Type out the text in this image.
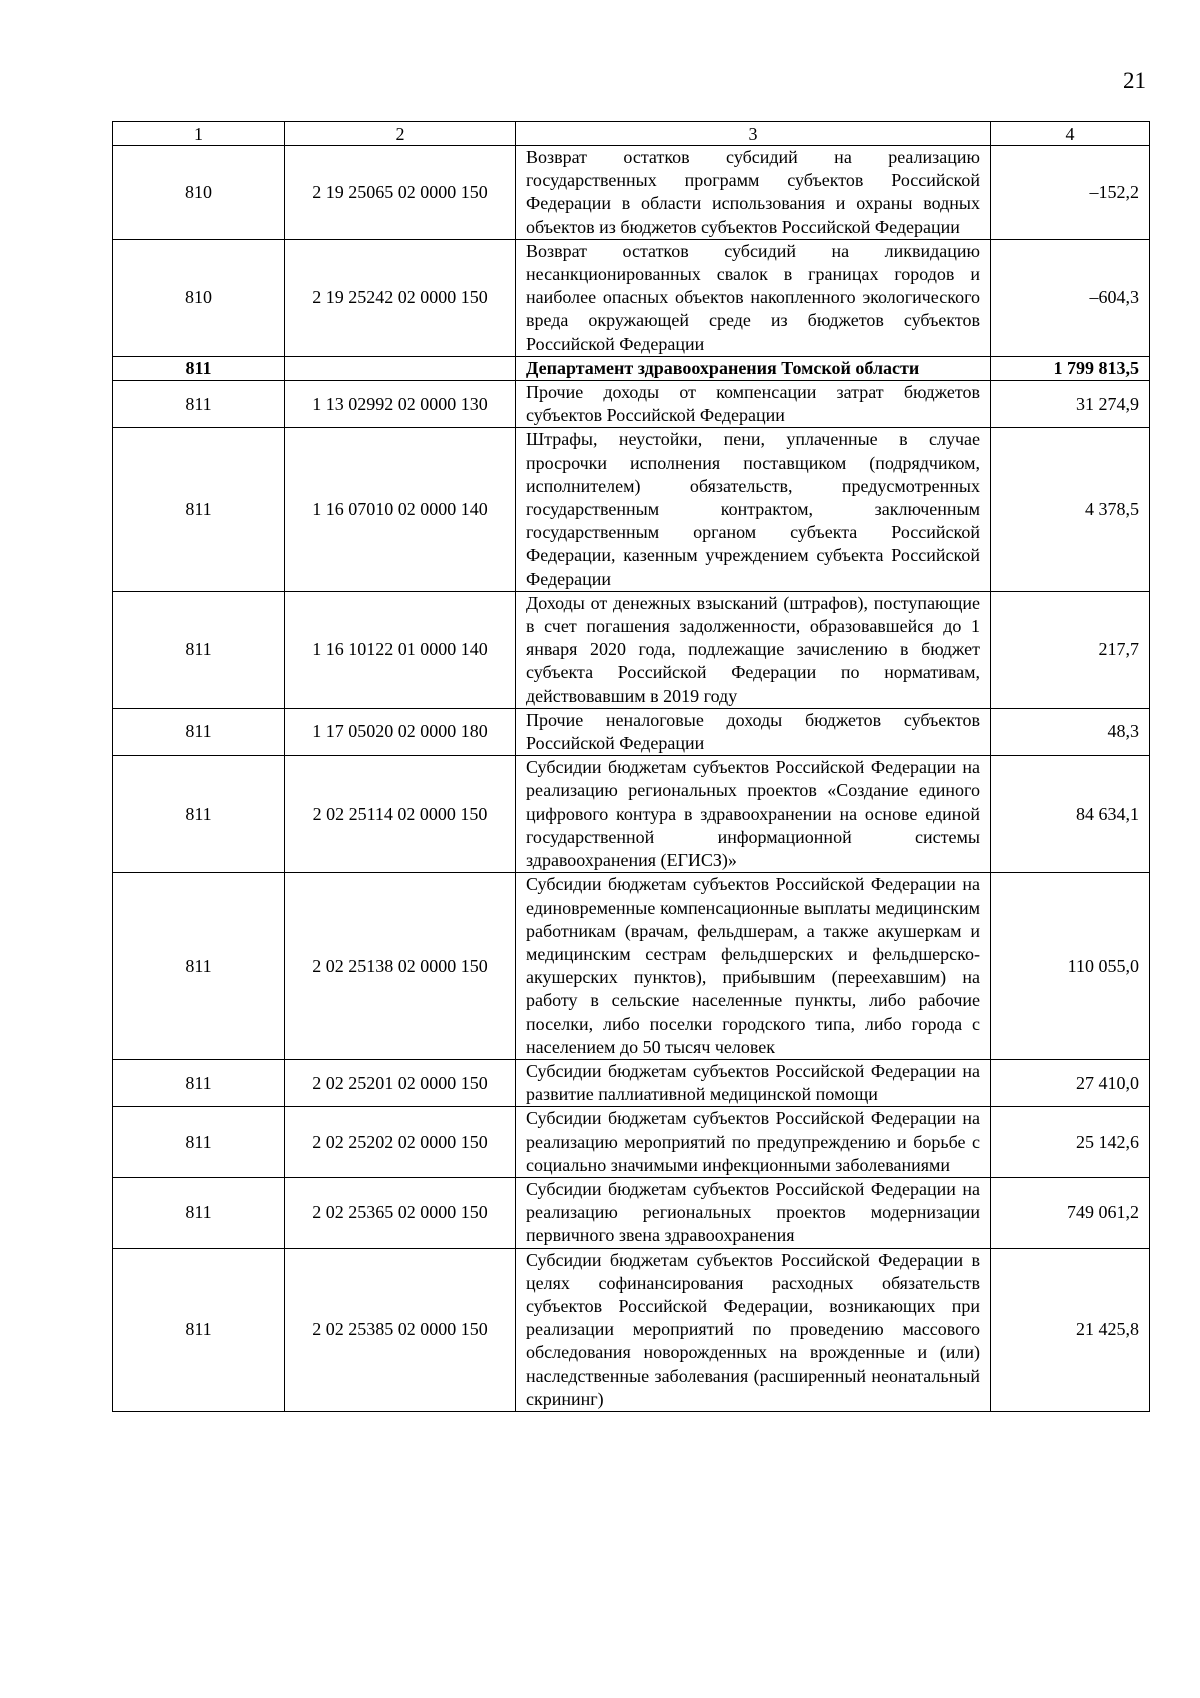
21
1	2	3	4
810	2 19 25065 02 0000 150	Возврат остатков субсидий на реализацию государственных программ субъектов Российской Федерации в области использования и охраны водных объектов из бюджетов субъектов Российской Федерации	–152,2
810	2 19 25242 02 0000 150	Возврат остатков субсидий на ликвидацию несанкционированных свалок в границах городов и наиболее опасных объектов накопленного экологического вреда окружающей среде из бюджетов субъектов Российской Федерации	–604,3
811		Департамент здравоохранения Томской области	1 799 813,5
811	1 13 02992 02 0000 130	Прочие доходы от компенсации затрат бюджетов субъектов Российской Федерации	31 274,9
811	1 16 07010 02 0000 140	Штрафы, неустойки, пени, уплаченные в случае просрочки исполнения поставщиком (подрядчиком, исполнителем) обязательств, предусмотренных государственным контрактом, заключенным государственным органом субъекта Российской Федерации, казенным учреждением субъекта Российской Федерации	4 378,5
811	1 16 10122 01 0000 140	Доходы от денежных взысканий (штрафов), поступающие в счет погашения задолженности, образовавшейся до 1 января 2020 года, подлежащие зачислению в бюджет субъекта Российской Федерации по нормативам, действовавшим в 2019 году	217,7
811	1 17 05020 02 0000 180	Прочие неналоговые доходы бюджетов субъектов Российской Федерации	48,3
811	2 02 25114 02 0000 150	Субсидии бюджетам субъектов Российской Федерации на реализацию региональных проектов «Создание единого цифрового контура в здравоохранении на основе единой государственной информационной системы здравоохранения (ЕГИСЗ)»	84 634,1
811	2 02 25138 02 0000 150	Субсидии бюджетам субъектов Российской Федерации на единовременные компенсационные выплаты медицинским работникам (врачам, фельдшерам, а также акушеркам и медицинским сестрам фельдшерских и фельдшерско-акушерских пунктов), прибывшим (переехавшим) на работу в сельские населенные пункты, либо рабочие поселки, либо поселки городского типа, либо города с населением до 50 тысяч человек	110 055,0
811	2 02 25201 02 0000 150	Субсидии бюджетам субъектов Российской Федерации на развитие паллиативной медицинской помощи	27 410,0
811	2 02 25202 02 0000 150	Субсидии бюджетам субъектов Российской Федерации на реализацию мероприятий по предупреждению и борьбе с социально значимыми инфекционными заболеваниями	25 142,6
811	2 02 25365 02 0000 150	Субсидии бюджетам субъектов Российской Федерации на реализацию региональных проектов модернизации первичного звена здравоохранения	749 061,2
811	2 02 25385 02 0000 150	Субсидии бюджетам субъектов Российской Федерации в целях софинансирования расходных обязательств субъектов Российской Федерации, возникающих при реализации мероприятий по проведению массового обследования новорожденных на врожденные и (или) наследственные заболевания (расширенный неонатальный скрининг)	21 425,8
